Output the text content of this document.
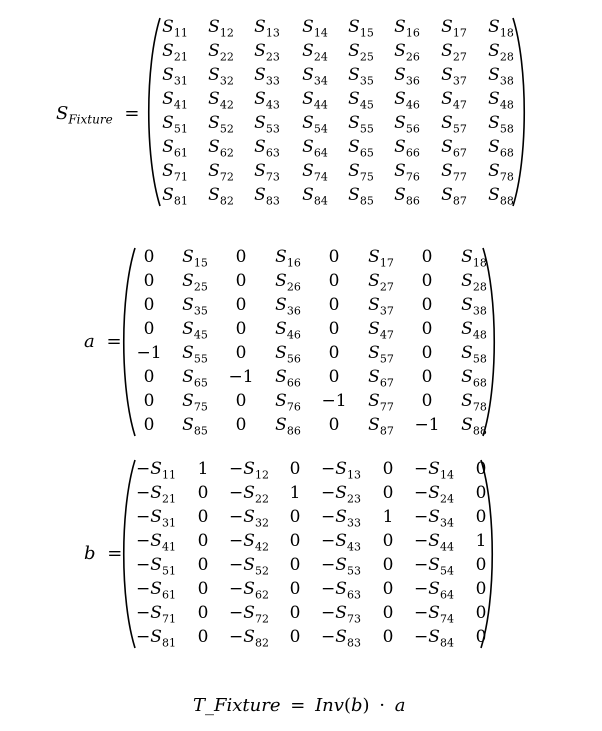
$S_{Fixture}$ =
$S_{11}$ $S_{12}$ $S_{13}$ $S_{14}$ $S_{15}$ $S_{16}$ $S_{17}$ $S_{18}$
$S_{21}$ $S_{22}$ $S_{23}$ $S_{24}$ $S_{25}$ $S_{26}$ $S_{27}$ $S_{28}$
$S_{31}$ $S_{32}$ $S_{33}$ $S_{34}$ $S_{35}$ $S_{36}$ $S_{37}$ $S_{38}$
$S_{41}$ $S_{42}$ $S_{43}$ $S_{44}$ $S_{45}$ $S_{46}$ $S_{47}$ $S_{48}$
$S_{51}$ $S_{52}$ $S_{53}$ $S_{54}$ $S_{55}$ $S_{56}$ $S_{57}$ $S_{58}$
$S_{61}$ $S_{62}$ $S_{63}$ $S_{64}$ $S_{65}$ $S_{66}$ $S_{67}$ $S_{68}$
$S_{71}$ $S_{72}$ $S_{73}$ $S_{74}$ $S_{75}$ $S_{76}$ $S_{77}$ $S_{78}$
$S_{81}$ $S_{82}$ $S_{83}$ $S_{84}$ $S_{85}$ $S_{86}$ $S_{87}$ $S_{88}$
a =
0 $S_{15}$ 0 $S_{16}$ 0 $S_{17}$ 0 $S_{18}$
0 $S_{25}$ 0 $S_{26}$ 0 $S_{27}$ 0 $S_{28}$
0 $S_{35}$ 0 $S_{36}$ 0 $S_{37}$ 0 $S_{38}$
0 $S_{45}$ 0 $S_{46}$ 0 $S_{47}$ 0 $S_{48}$
−1 $S_{55}$ 0 $S_{56}$ 0 $S_{57}$ 0 $S_{58}$
0 $S_{65} -1$ $S_{66}$ 0 $S_{67}$ 0 $S_{68}$
0 $S_{75}$ 0 $S_{76} -1$ $S_{77}$ 0 $S_{78}$
0 $S_{85}$ 0 $S_{86}$ 0 $S_{87} -1$ $S_{88}$
b =
$-S_{11}$ $1 -S_{12}$ $0 -S_{13}$ $0 -S_{14}$ 0
$-S_{21}$ $0 -S_{22}$ $1 -S_{23}$ $0 -S_{24}$ 0
$-S_{31}$ $0 -S_{32}$ $0 -S_{33}$ $1 -S_{34}$ 0
$-S_{41}$ $0 -S_{42}$ $0 -S_{43}$ $0 -S_{44}$ 1
$-S_{51}$ $0 -S_{52}$ $0 -S_{53}$ $0 -S_{54}$ 0
$-S_{61}$ $0 -S_{62}$ $0 -S_{63}$ $0 -S_{64}$ 0
$-S_{71}$ $0 -S_{72}$ $0 -S_{73}$ $0 -S_{74}$ 0
$-S_{81}$ $0 -S_{82}$ $0 -S_{83}$ $0 -S_{84}$ 0
T_Fixture = Inv(b) · a
